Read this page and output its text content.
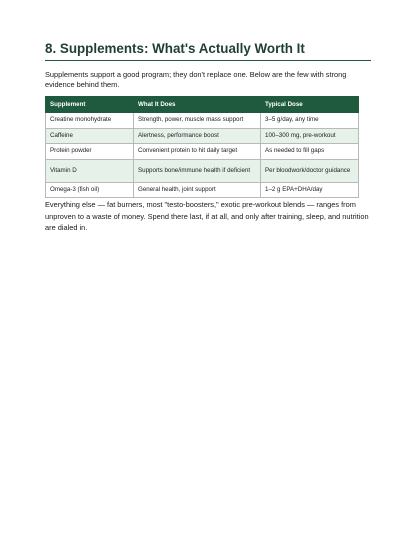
8. Supplements: What's Actually Worth It
Supplements support a good program; they don't replace one. Below are the few with strong evidence behind them.
Supplement	What It Does	Typical Dose
Creatine monohydrate	Strength, power, muscle mass support	3–5 g/day, any time
Caffeine	Alertness, performance boost	100–300 mg, pre-workout
Protein powder	Convenient protein to hit daily target	As needed to fill gaps
Vitamin D	Supports bone/immune health if deficient	Per bloodwork/doctor guidance
Omega-3 (fish oil)	General health, joint support	1–2 g EPA+DHA/day
Everything else — fat burners, most "testo-boosters," exotic pre-workout blends — ranges from unproven to a waste of money. Spend there last, if at all, and only after training, sleep, and nutrition are dialed in.
